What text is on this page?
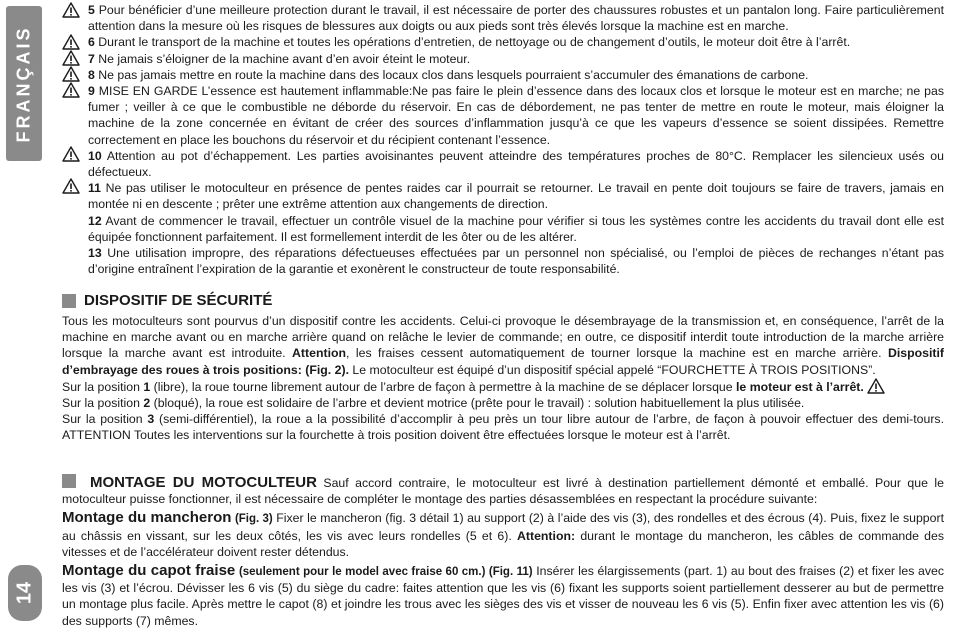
FRANÇAIS
14

5 Pour bénéficier d’une meilleure protection durant le travail, il est nécessaire de porter des chaussures robustes et un pantalon long. Faire particulièrement attention dans la mesure où les risques de blessures aux doigts ou aux pieds sont très élevés lorsque la machine est en marche.

6 Durant le transport de la machine et toutes les opérations d’entretien, de nettoyage ou de changement d’outils, le moteur doit être à l’arrêt.

7 Ne jamais s’éloigner de la machine avant d’en avoir éteint le moteur.

8 Ne pas jamais mettre en route la machine dans des locaux clos dans lesquels pourraient s’accumuler des émanations de carbone.

9 MISE EN GARDE L’essence est hautement inflammable:Ne pas faire le plein d’essence dans des locaux clos et lorsque le moteur est en marche; ne pas fumer ; veiller à ce que le combustible ne déborde du réservoir. En cas de débordement, ne pas tenter de mettre en route le moteur, mais éloigner la machine de la zone concernée en évitant de créer des sources d’inflammation jusqu’à ce que les vapeurs d’essence se soient dissipées. Remettre correctement en place les bouchons du réservoir et du récipient contenant l’essence.

10 Attention au pot d’échappement. Les parties avoisinantes peuvent atteindre des températures proches de 80°C. Remplacer les silencieux usés ou défectueux.

11 Ne pas utiliser le motoculteur en présence de pentes raides car il pourrait se retourner. Le travail en pente doit toujours se faire de travers, jamais en montée ni en descente ; prêter une extrême attention aux changements de direction.

12 Avant de commencer le travail, effectuer un contrôle visuel de la machine pour vérifier si tous les systèmes contre les accidents du travail dont elle est équipée fonctionnent parfaitement. Il est formellement interdit de les ôter ou de les altérer.

13 Une utilisation impropre, des réparations défectueuses effectuées par un personnel non spécialisé, ou l’emploi de pièces de rechanges n’étant pas d’origine entraînent l’expiration de la garantie et exonèrent le constructeur de toute responsabilité.

DISPOSITIF DE SÉCURITÉ

Tous les motoculteurs sont pourvus d’un dispositif contre les accidents. Celui-ci provoque le désembrayage de la transmission et, en conséquence, l’arrêt de la machine en marche avant ou en marche arrière quand on relâche le levier de commande; en outre, ce dispositif interdit toute introduction de la marche arrière lorsque la marche avant est introduite. Attention, les fraises cessent automatiquement de tourner lorsque la machine est en marche arrière. Dispositif d’embrayage des roues à trois positions: (Fig. 2). Le motoculteur est équipé d’un dispositif spécial appelé “FOURCHETTE À TROIS POSITIONS”.

Sur la position 1 (libre), la roue tourne librement autour de l’arbre de façon à permettre à la machine de se déplacer lorsque le moteur est à l’arrêt.

Sur la position 2 (bloqué), la roue est solidaire de l’arbre et devient motrice (prête pour le travail) : solution habituellement la plus utilisée.

Sur la position 3 (semi-différentiel), la roue a la possibilité d’accomplir à peu près un tour libre autour de l’arbre, de façon à pouvoir effectuer des demi-tours. ATTENTION Toutes les interventions sur la fourchette à trois position doivent être effectuées lorsque le moteur est à l’arrêt.

MONTAGE DU MOTOCULTEUR Sauf accord contraire, le motoculteur est livré à destination partiellement démonté et emballé. Pour que le motoculteur puisse fonctionner, il est nécessaire de compléter le montage des parties désassemblées en respectant la procédure suivante:

Montage du mancheron (Fig. 3) Fixer le mancheron (fig. 3 détail 1) au support (2) à l’aide des vis (3), des rondelles et des écrous (4). Puis, fixez le support au châssis en vissant, sur les deux côtés, les vis avec leurs rondelles (5 et 6). Attention: durant le montage du mancheron, les câbles de commande des vitesses et de l’accélérateur doivent rester détendus.

Montage du capot fraise (seulement pour le model avec fraise 60 cm.) (Fig. 11) Insérer les élargissements (part. 1) au bout des fraises (2) et fixer les avec les vis (3) et l’écrou. Dévisser les 6 vis (5) du siège du cadre: faites attention que les vis (6) fixant les supports soient partiellement desserer au but de permettre un montage plus facile. Après mettre le capot (8) et joindre les trous avec les sièges des vis et visser de nouveau les 6 vis (5). Enfin fixer avec attention les vis (6) des supports (7) mêmes.
